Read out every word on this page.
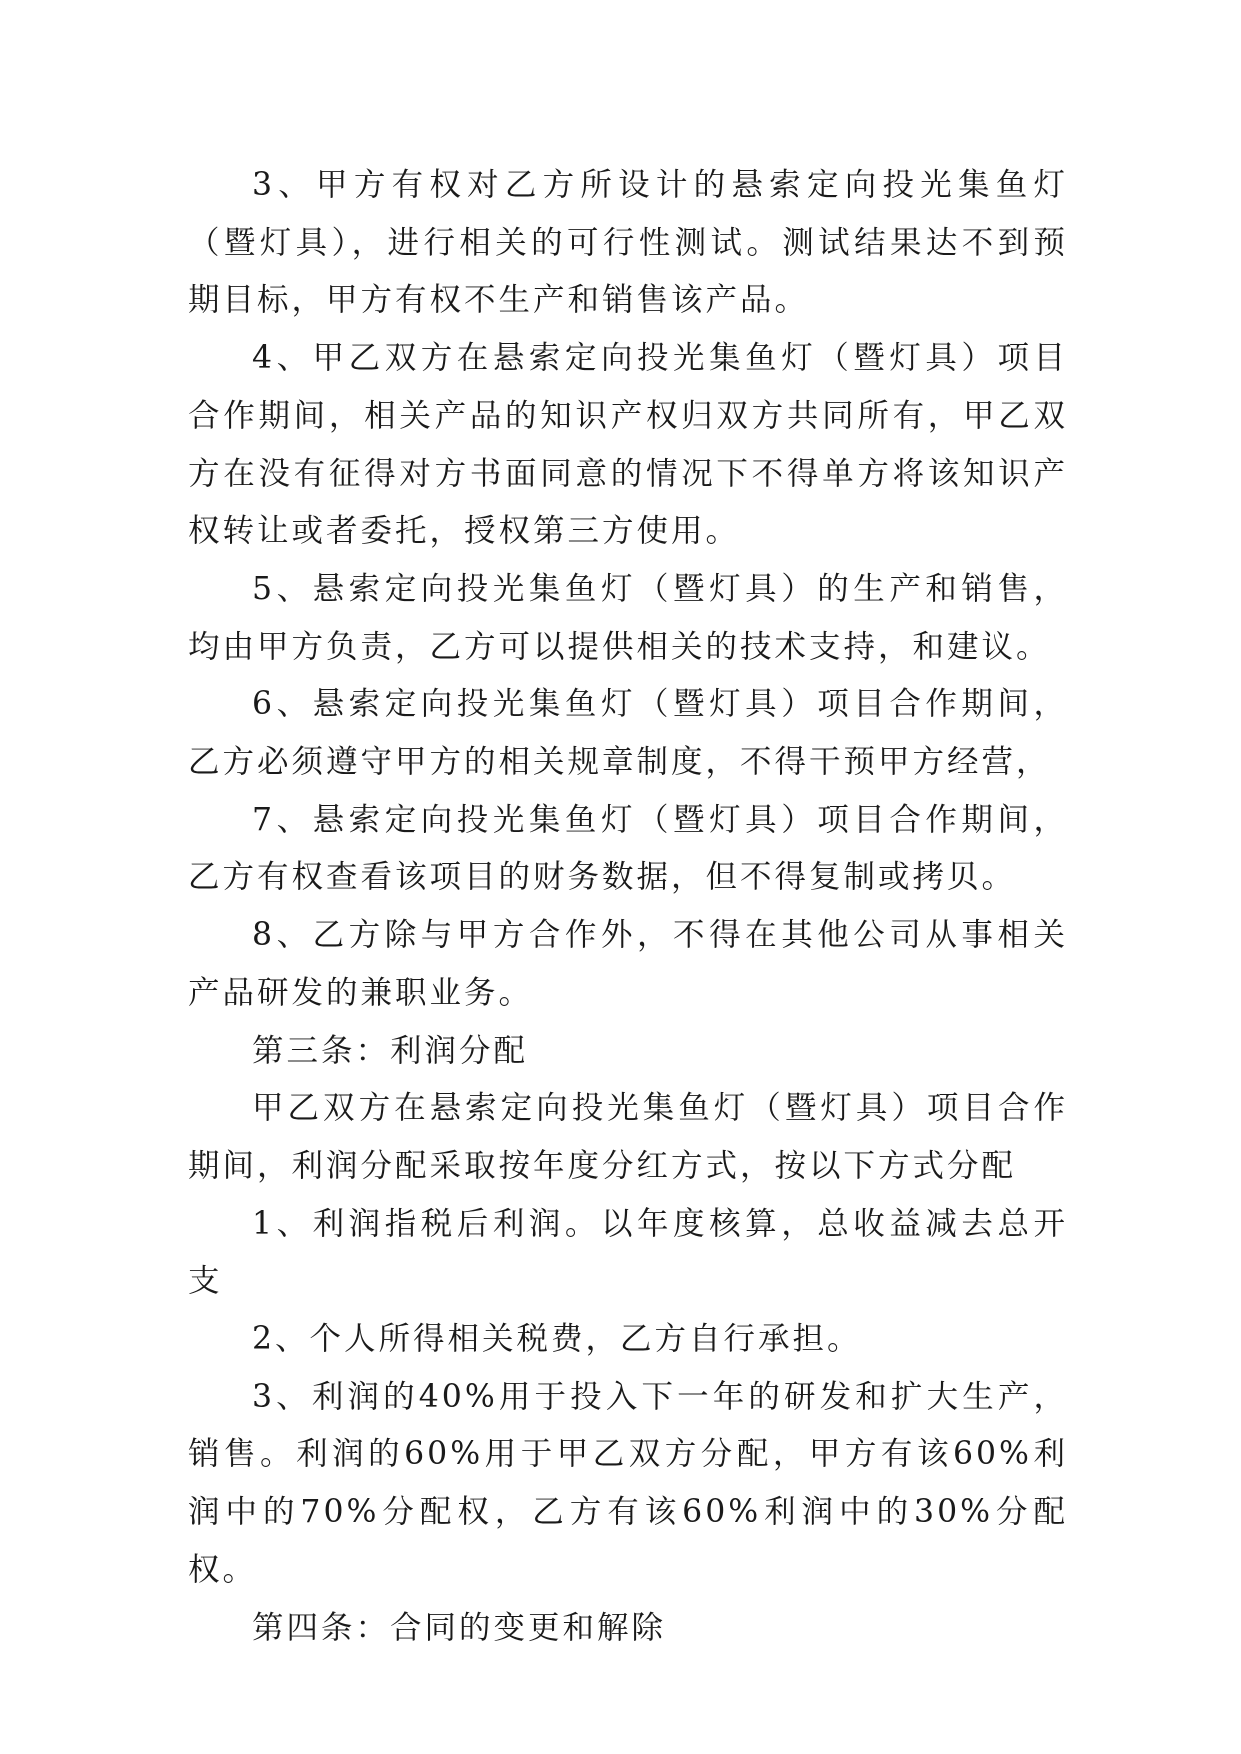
3、甲方有权对乙方所设计的悬索定向投光集鱼灯（暨灯具），进行相关的可行性测试。测试结果达不到预期目标，甲方有权不生产和销售该产品。

4、甲乙双方在悬索定向投光集鱼灯（暨灯具）项目合作期间，相关产品的知识产权归双方共同所有，甲乙双方在没有征得对方书面同意的情况下不得单方将该知识产权转让或者委托，授权第三方使用。

5、悬索定向投光集鱼灯（暨灯具）的生产和销售，均由甲方负责，乙方可以提供相关的技术支持，和建议。

6、悬索定向投光集鱼灯（暨灯具）项目合作期间，乙方必须遵守甲方的相关规章制度，不得干预甲方经营，

7、悬索定向投光集鱼灯（暨灯具）项目合作期间，乙方有权查看该项目的财务数据，但不得复制或拷贝。

8、乙方除与甲方合作外，不得在其他公司从事相关产品研发的兼职业务。

第三条：利润分配

甲乙双方在悬索定向投光集鱼灯（暨灯具）项目合作期间，利润分配采取按年度分红方式，按以下方式分配

1、利润指税后利润。以年度核算，总收益减去总开支

2、个人所得相关税费，乙方自行承担。

3、利润的40%用于投入下一年的研发和扩大生产，销售。利润的60%用于甲乙双方分配，甲方有该60%利润中的70%分配权，乙方有该60%利润中的30%分配权。

第四条：合同的变更和解除
